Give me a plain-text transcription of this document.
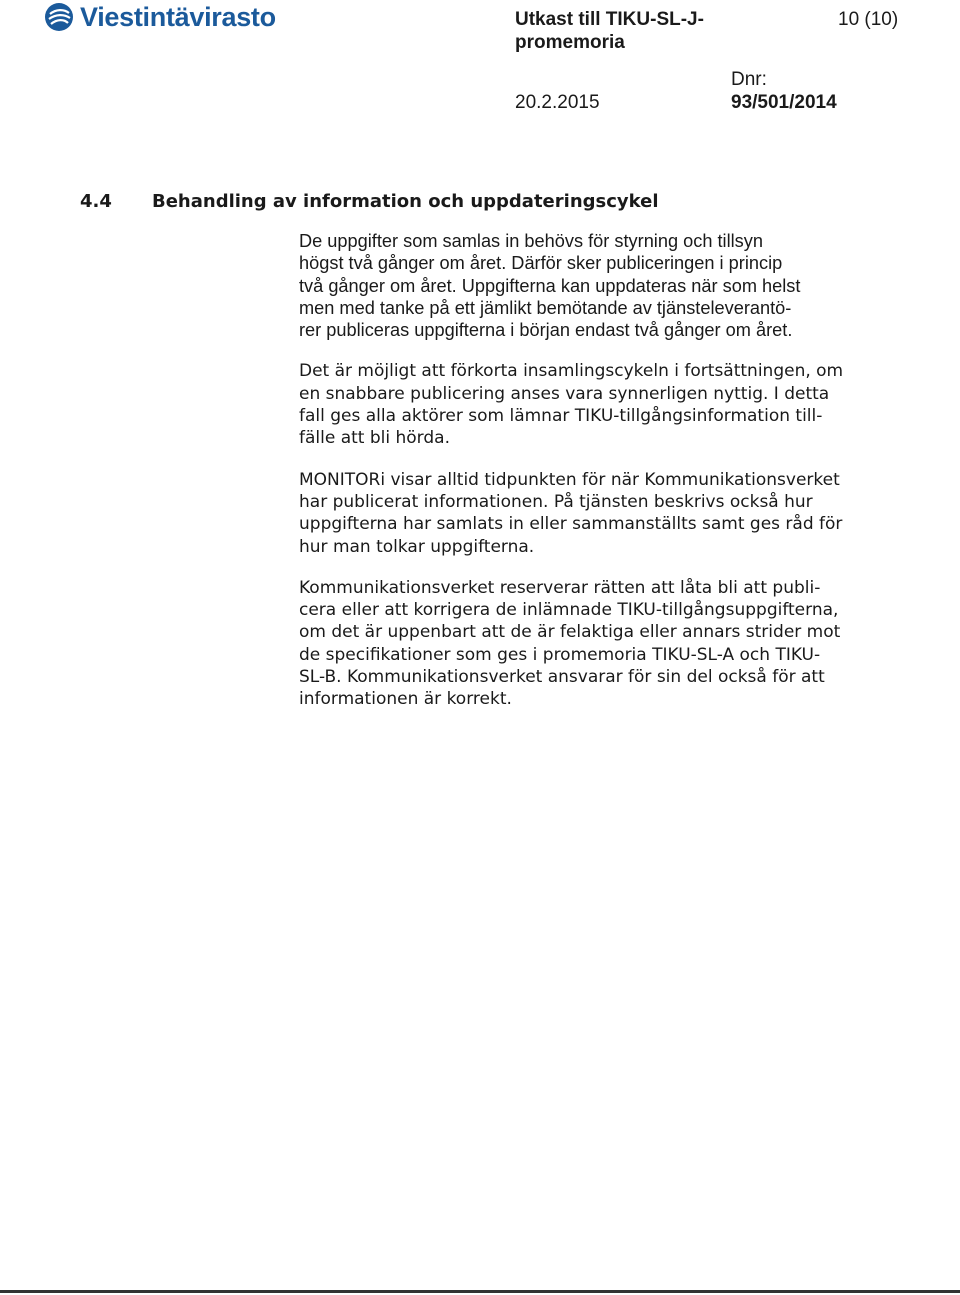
Viestintävirasto	Utkast till TIKU-SL-J-promemoria
10 (10)
20.2.2015
Dnr:
93/501/2014
4.4 Behandling av information och uppdateringscykel

De uppgifter som samlas in behövs för styrning och tillsyn
högst två gånger om året. Därför sker publiceringen i princip
två gånger om året. Uppgifterna kan uppdateras när som helst
men med tanke på ett jämlikt bemötande av tjänsteleverantö-
rer publiceras uppgifterna i början endast två gånger om året.

Det är möjligt att förkorta insamlingscykeln i fortsättningen, om
en snabbare publicering anses vara synnerligen nyttig. I detta
fall ges alla aktörer som lämnar TIKU-tillgångsinformation till-
fälle att bli hörda.

MONITORi visar alltid tidpunkten för när Kommunikationsverket
har publicerat informationen. På tjänsten beskrivs också hur
uppgifterna har samlats in eller sammanställts samt ges råd för
hur man tolkar uppgifterna.

Kommunikationsverket reserverar rätten att låta bli att publi-
cera eller att korrigera de inlämnade TIKU-tillgångsuppgifterna,
om det är uppenbart att de är felaktiga eller annars strider mot
de specifikationer som ges i promemoria TIKU-SL-A och TIKU-
SL-B. Kommunikationsverket ansvarar för sin del också för att
informationen är korrekt.
